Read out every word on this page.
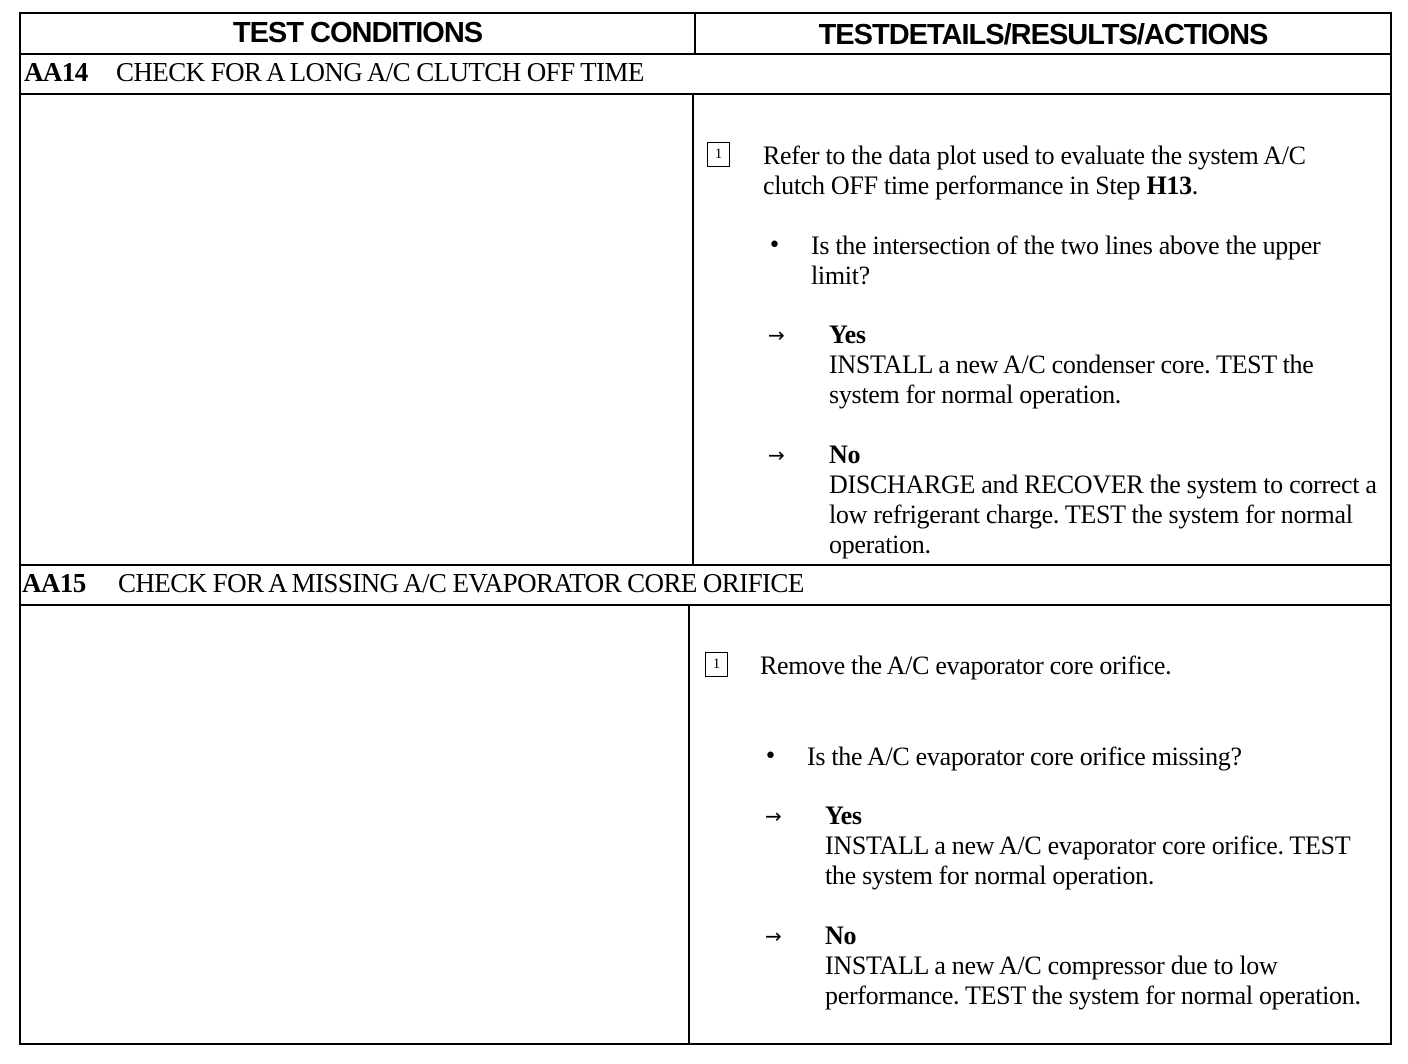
TEST CONDITIONS	TESTDETAILS/RESULTS/ACTIONS
AA14 CHECK FOR A LONG A/C CLUTCH OFF TIME
1 Refer to the data plot used to evaluate the system A/C clutch OFF time performance in Step H13.
• Is the intersection of the two lines above the upper limit?
→ Yes
INSTALL a new A/C condenser core. TEST the system for normal operation.
→ No
DISCHARGE and RECOVER the system to correct a low refrigerant charge. TEST the system for normal operation.
AA15 CHECK FOR A MISSING A/C EVAPORATOR CORE ORIFICE
1 Remove the A/C evaporator core orifice.
• Is the A/C evaporator core orifice missing?
→ Yes
INSTALL a new A/C evaporator core orifice. TEST the system for normal operation.
→ No
INSTALL a new A/C compressor due to low performance. TEST the system for normal operation.
